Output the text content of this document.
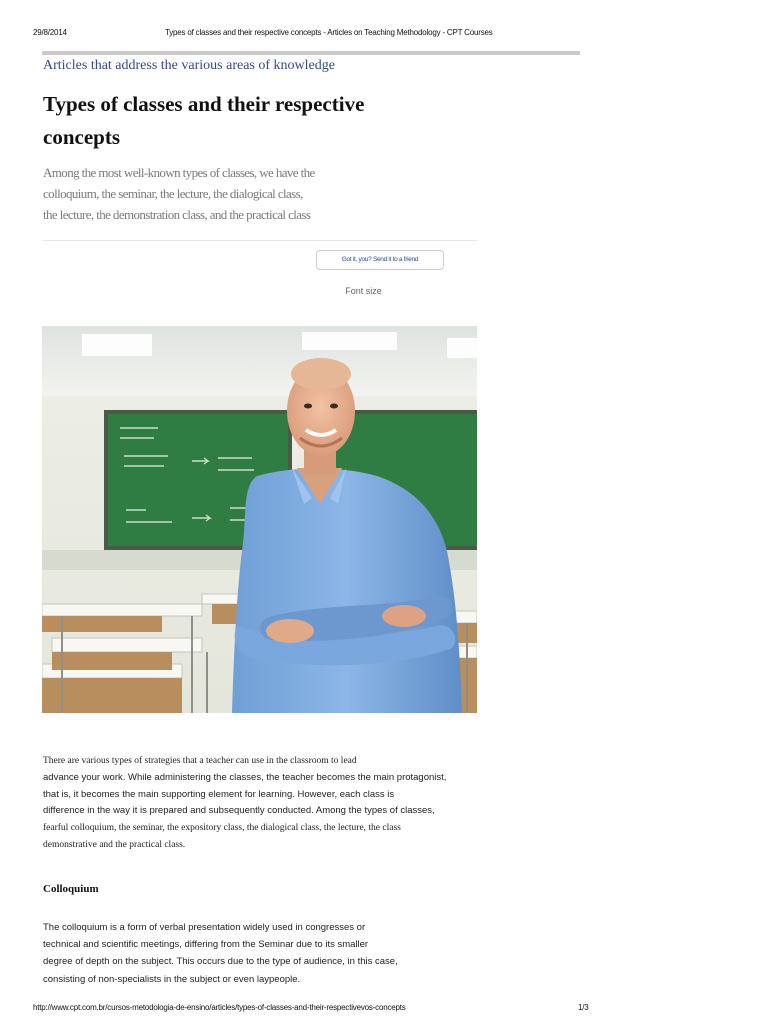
29/8/2014	Types of classes and their respective concepts - Articles on Teaching Methodology - CPT Courses
Articles that address the various areas of knowledge
Types of classes and their respective
concepts
Among the most well-known types of classes, we have the
colloquium, the seminar, the lecture, the dialogical class,
the lecture, the demonstration class, and the practical class
Got it, you? Send it to a friend
Font size
There are various types of strategies that a teacher can use in the classroom to lead
advance your work. While administering the classes, the teacher becomes the main protagonist,
that is, it becomes the main supporting element for learning. However, each class is
difference in the way it is prepared and subsequently conducted. Among the types of classes,
fearful colloquium, the seminar, the expository class, the dialogical class, the lecture, the class
demonstrative and the practical class.
Colloquium
The colloquium is a form of verbal presentation widely used in congresses or
technical and scientific meetings, differing from the Seminar due to its smaller
degree of depth on the subject. This occurs due to the type of audience, in this case,
consisting of non-specialists in the subject or even laypeople.
http://www.cpt.com.br/cursos-metodologia-de-ensino/articles/types-of-classes-and-their-respectivevos-concepts	1/3
